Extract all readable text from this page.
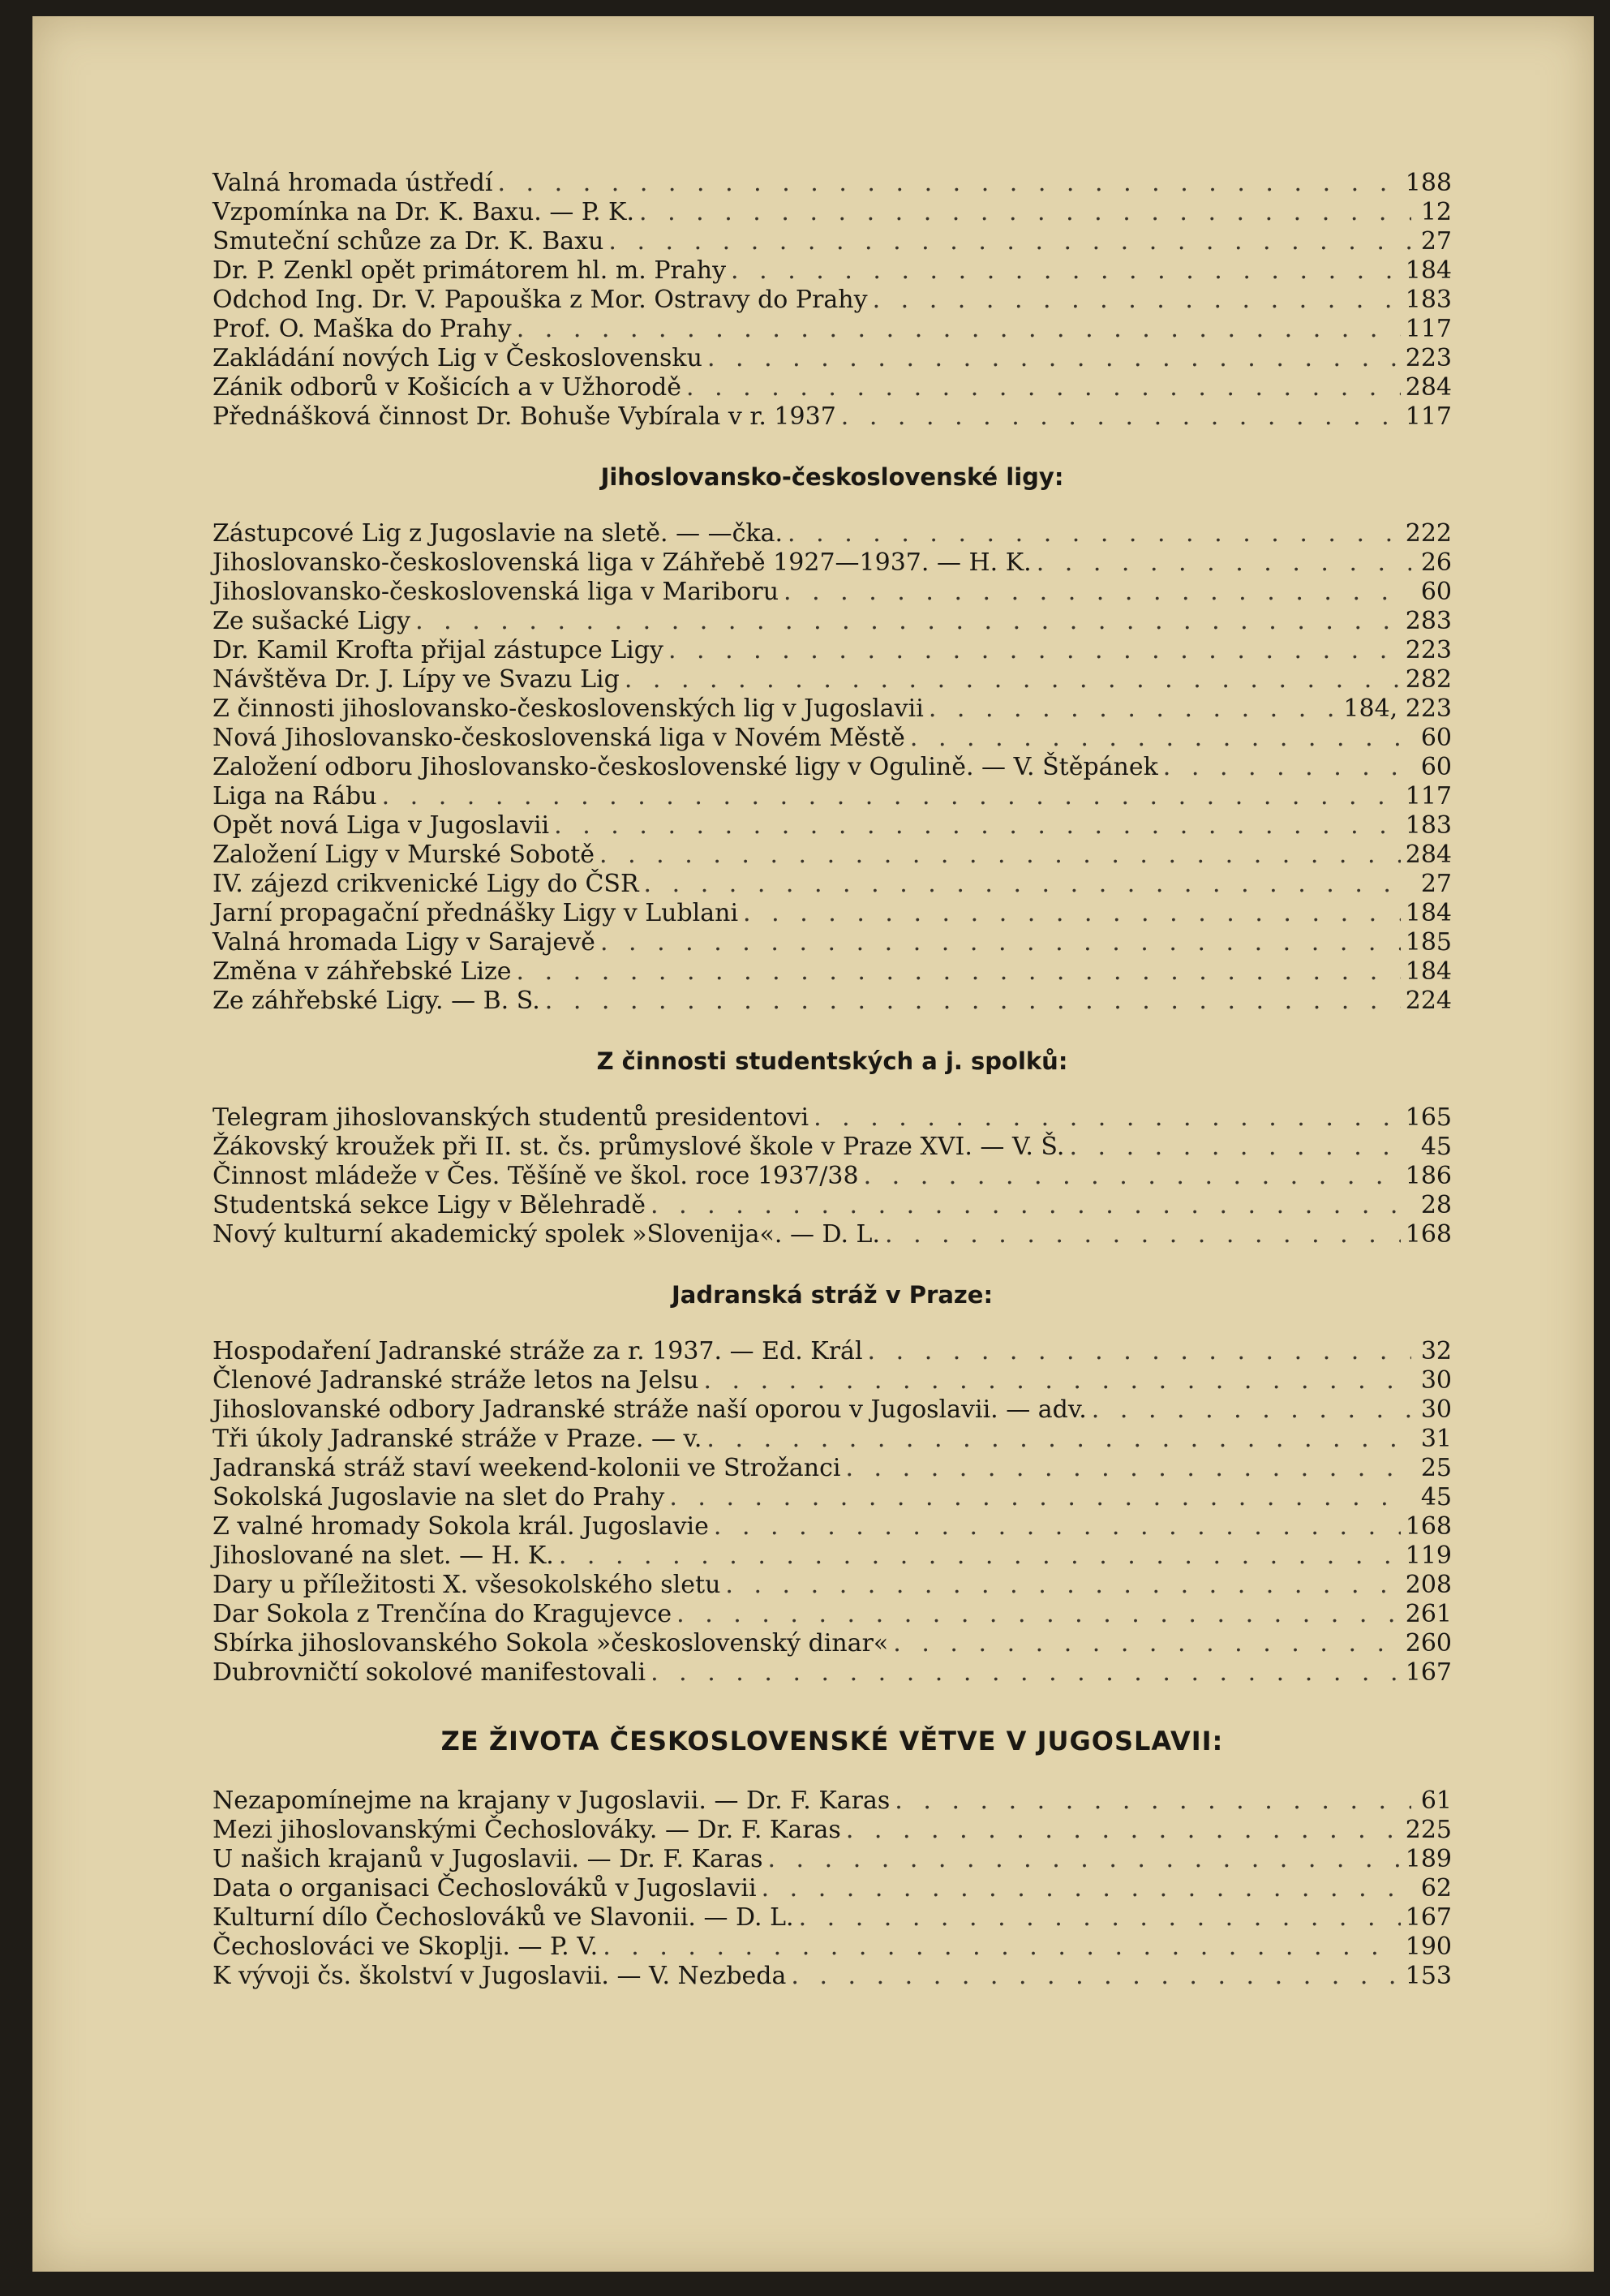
Valná hromada ústředí . . .	188
Vzpomínka na Dr. K. Baxu. — P. K. . . .	12
Smuteční schůze za Dr. K. Baxu . . .	27
Dr. P. Zenkl opět primátorem hl. m. Prahy . . .	184
Odchod Ing. Dr. V. Papouška z Mor. Ostravy do Prahy . . .	183
Prof. O. Maška do Prahy . . .	117
Zakládání nových Lig v Československu . . .	223
Zánik odborů v Košicích a v Užhorodě . . .	284
Přednášková činnost Dr. Bohuše Vybírala v r. 1937 . . .	117
Jihoslovansko-československé ligy:
Zástupcové Lig z Jugoslavie na sletě. — —čka. . . .	222
Jihoslovansko-československá liga v Záhřebě 1927—1937. — H. K. . . .	26
Jihoslovansko-československá liga v Mariboru . . .	60
Ze sušacké Ligy . . .	283
Dr. Kamil Krofta přijal zástupce Ligy . . .	223
Návštěva Dr. J. Lípy ve Svazu Lig . . .	282
Z činnosti jihoslovansko-československých lig v Jugoslavii . . .	184, 223
Nová Jihoslovansko-československá liga v Novém Městě . . .	60
Založení odboru Jihoslovansko-československé ligy v Ogulině. — V. Štěpánek . . .	60
Liga na Rábu . . .	117
Opět nová Liga v Jugoslavii . . .	183
Založení Ligy v Murské Sobotě . . .	284
IV. zájezd crikvenické Ligy do ČSR . . .	27
Jarní propagační přednášky Ligy v Lublani . . .	184
Valná hromada Ligy v Sarajevě . . .	185
Změna v záhřebské Lize . . .	184
Ze záhřebské Ligy. — B. S. . . .	224
Z činnosti studentských a j. spolků:
Telegram jihoslovanských studentů presidentovi . . .	165
Žákovský kroužek při II. st. čs. průmyslové škole v Praze XVI. — V. Š. . . .	45
Činnost mládeže v Čes. Těšíně ve škol. roce 1937/38 . . .	186
Studentská sekce Ligy v Bělehradě . . .	28
Nový kulturní akademický spolek »Slovenija«. — D. L. . . .	168
Jadranská stráž v Praze:
Hospodaření Jadranské stráže za r. 1937. — Ed. Král . . .	32
Členové Jadranské stráže letos na Jelsu . . .	30
Jihoslovanské odbory Jadranské stráže naší oporou v Jugoslavii. — adv. . . .	30
Tři úkoly Jadranské stráže v Praze. — v. . . .	31
Jadranská stráž staví weekend-kolonii ve Strožanci . . .	25
Sokolská Jugoslavie na slet do Prahy . . .	45
Z valné hromady Sokola král. Jugoslavie . . .	168
Jihoslované na slet. — H. K. . . .	119
Dary u příležitosti X. všesokolského sletu . . .	208
Dar Sokola z Trenčína do Kragujevce . . .	261
Sbírka jihoslovanského Sokola »československý dinar« . . .	260
Dubrovničtí sokolové manifestovali . . .	167
ZE ŽIVOTA ČESKOSLOVENSKÉ VĚTVE V JUGOSLAVII:
Nezapomínejme na krajany v Jugoslavii. — Dr. F. Karas . . .	61
Mezi jihoslovanskými Čechoslováky. — Dr. F. Karas . . .	225
U našich krajanů v Jugoslavii. — Dr. F. Karas . . .	189
Data o organisaci Čechoslováků v Jugoslavii . . .	62
Kulturní dílo Čechoslováků ve Slavonii. — D. L. . . .	167
Čechoslováci ve Skoplji. — P. V. . . .	190
K vývoji čs. školství v Jugoslavii. — V. Nezbeda . . .	153
